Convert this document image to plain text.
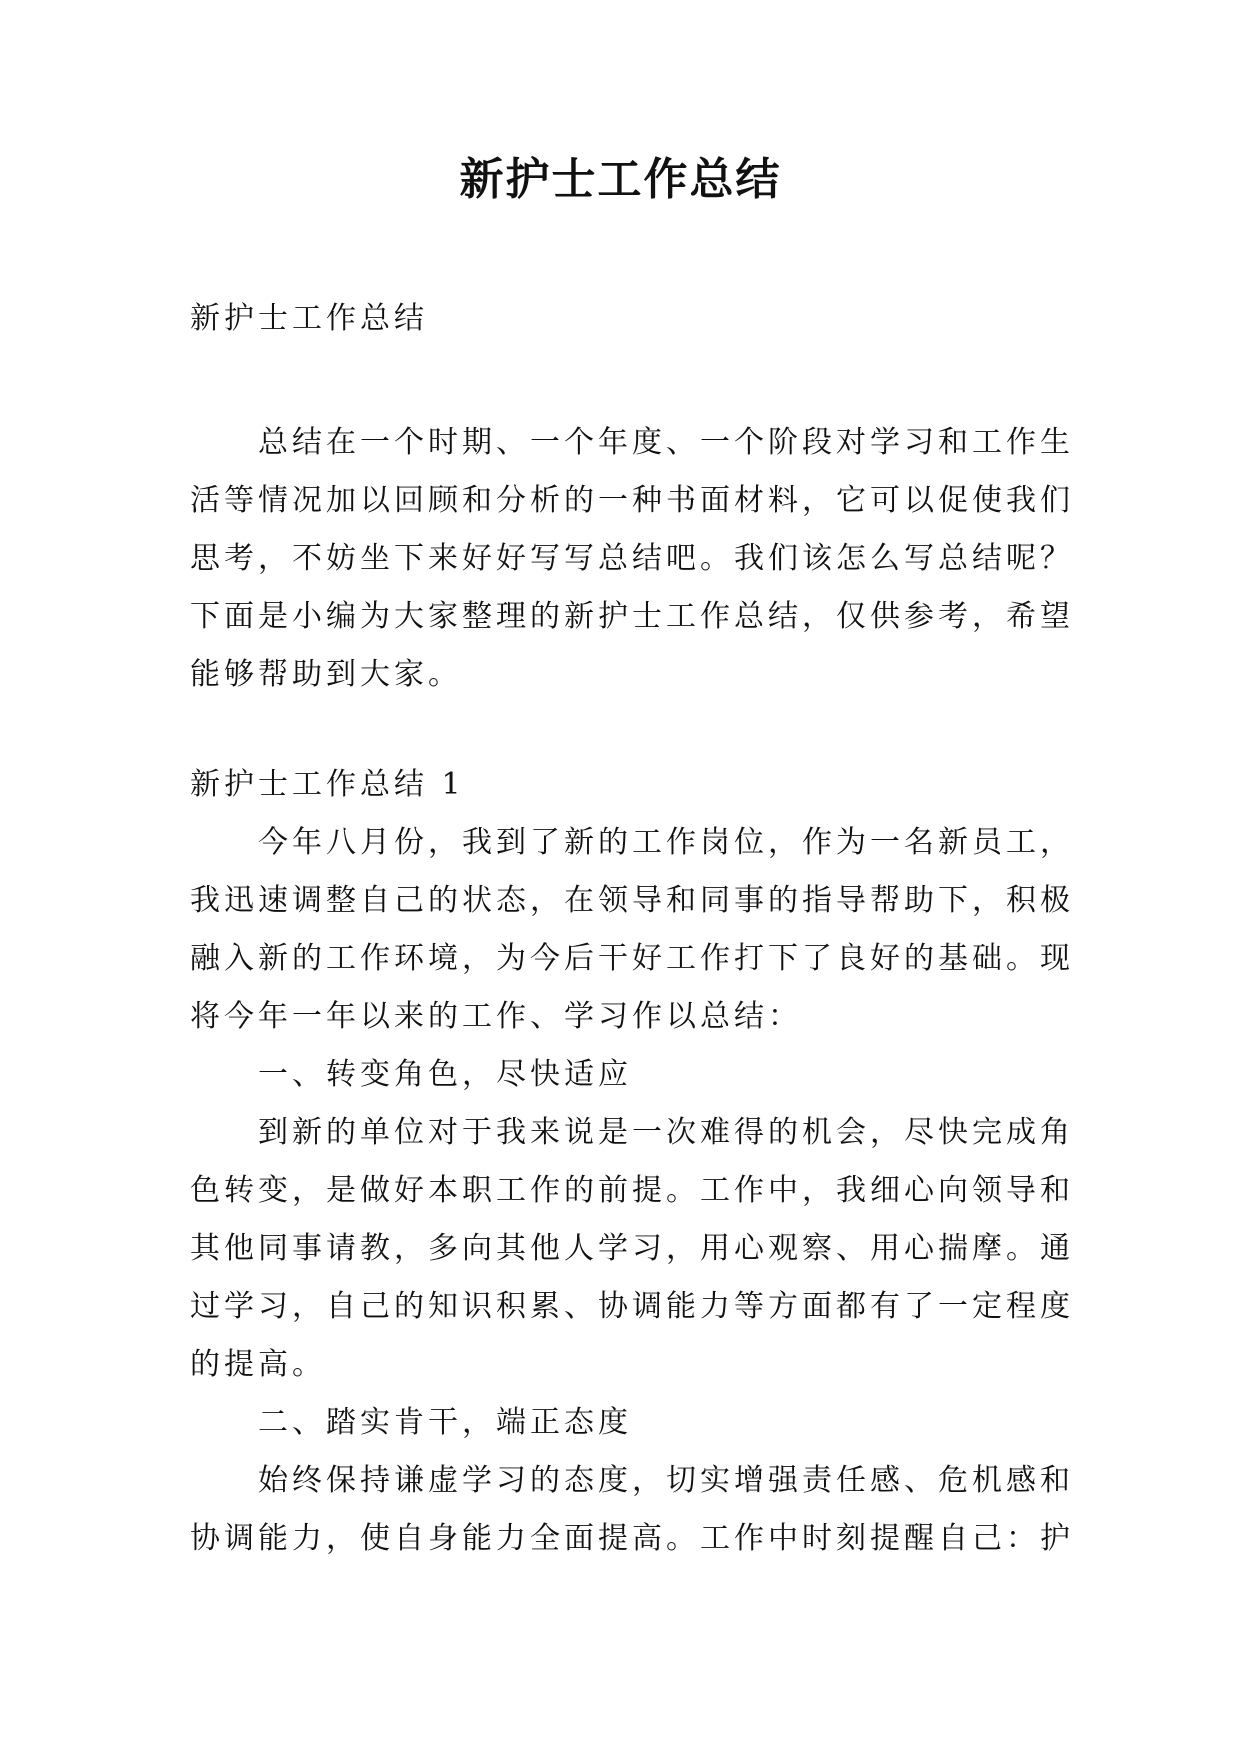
新护士工作总结
新护士工作总结
总结在一个时期、一个年度、一个阶段对学习和工作生
活等情况加以回顾和分析的一种书面材料，它可以促使我们
思考，不妨坐下来好好写写总结吧。我们该怎么写总结呢？
下面是小编为大家整理的新护士工作总结，仅供参考，希望
能够帮助到大家。
新护士工作总结 1
今年八月份，我到了新的工作岗位，作为一名新员工，
我迅速调整自己的状态，在领导和同事的指导帮助下，积极
融入新的工作环境，为今后干好工作打下了良好的基础。现
将今年一年以来的工作、学习作以总结：
一、转变角色，尽快适应
到新的单位对于我来说是一次难得的机会，尽快完成角
色转变，是做好本职工作的前提。工作中，我细心向领导和
其他同事请教，多向其他人学习，用心观察、用心揣摩。通
过学习，自己的知识积累、协调能力等方面都有了一定程度
的提高。
二、踏实肯干，端正态度
始终保持谦虚学习的态度，切实增强责任感、危机感和
协调能力，使自身能力全面提高。工作中时刻提醒自己：护
